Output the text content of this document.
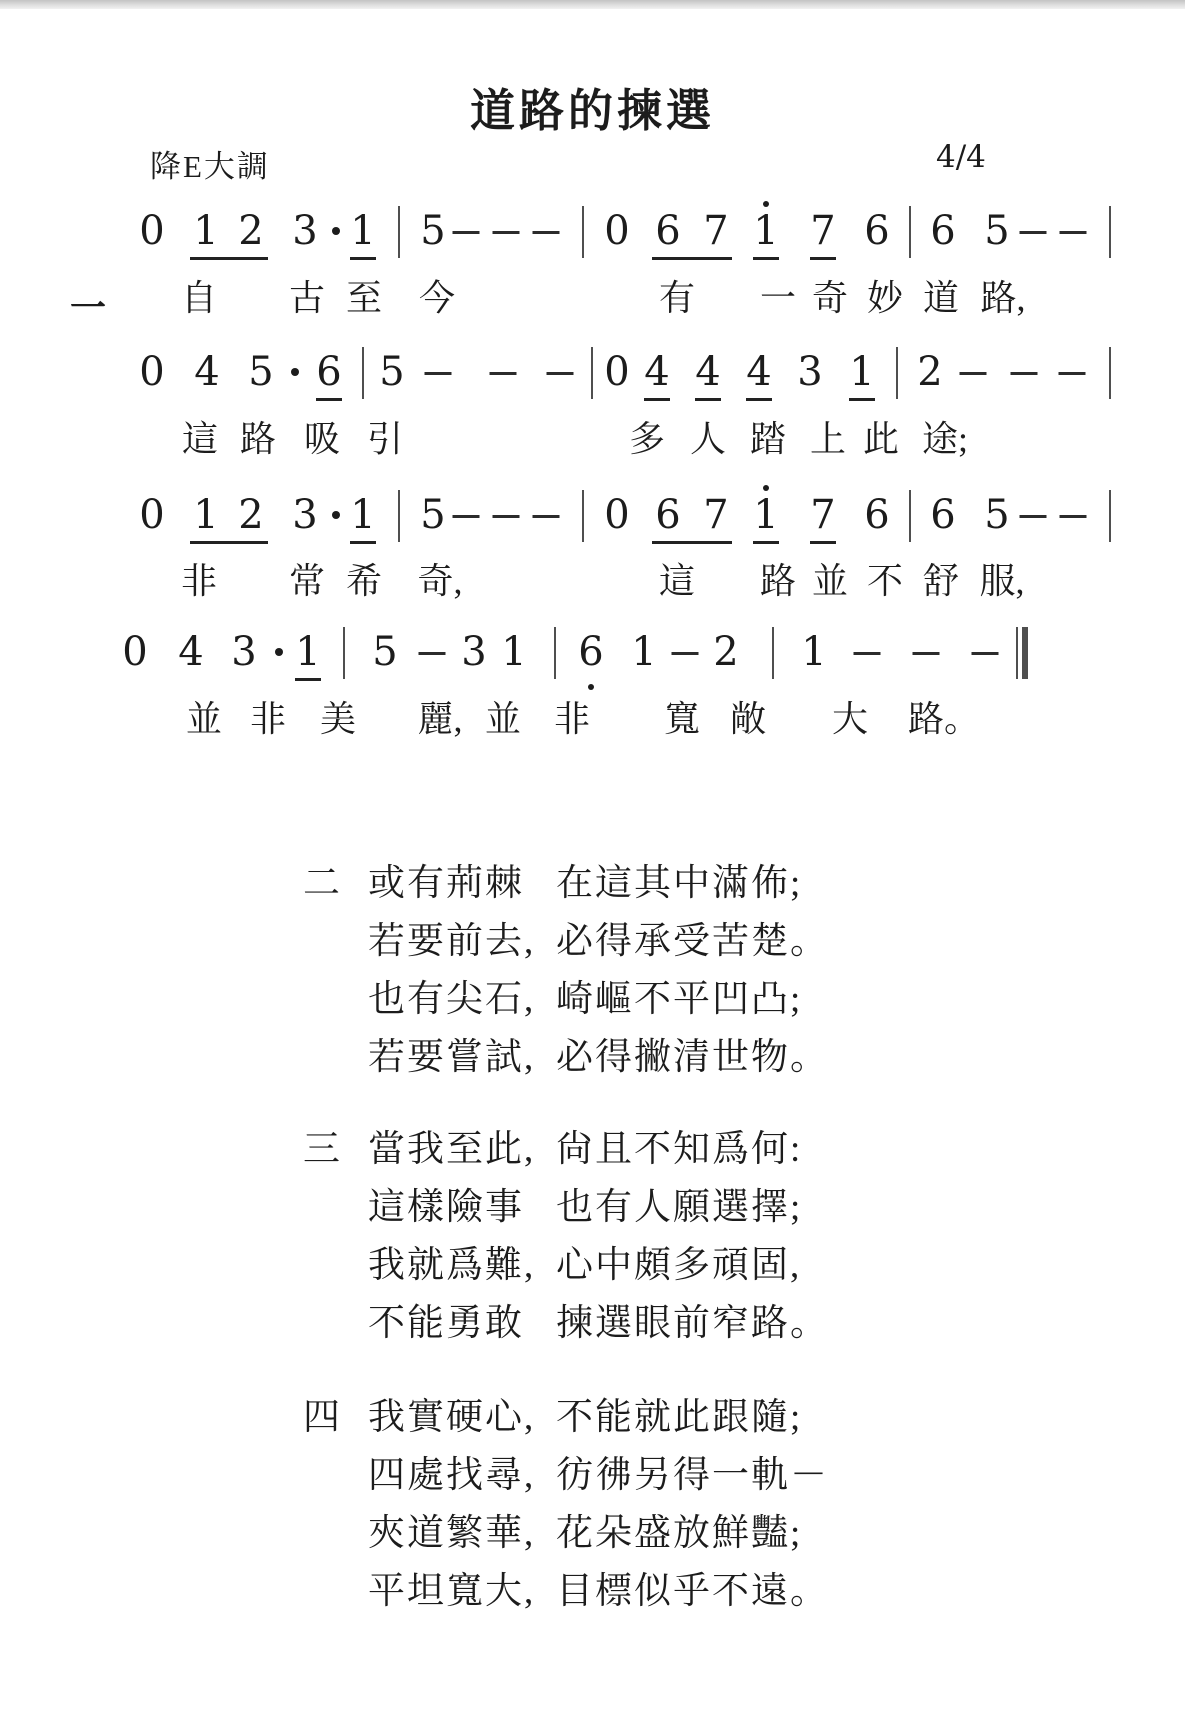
道路的揀選
降E大調	4/4
0 1 2 3 1 5	0 6 7 1 7 6 6 5
一 自 古 至 今	有 一 奇 妙 道 路,
0 4 5 6 5	0 4 4 4 3 1 2
這 路 吸 引	多 人 踏 上 此 途;
0 1 2 3 1 5	0 6 7 1 7 6 6 5
非 常 希 奇,	這 路 並 不 舒 服,
0 4 3 1 5 3 1 6 1 2 1
並 非 美 麗, 並 非 寬 敞 大 路。
二 或有荊棘 在這其中滿佈;
若要前去, 必得承受苦楚。
也有尖石, 崎嶇不平凹凸;
若要嘗試, 必得撇清世物。
三 當我至此, 尙且不知爲何:
這樣險事 也有人願選擇;
我就爲難, 心中頗多頑固,
不能勇敢 揀選眼前窄路。
四 我實硬心, 不能就此跟隨;
四處找尋, 彷彿另得一軌－
夾道繁華, 花朵盛放鮮豔;
平坦寬大, 目標似乎不遠。
